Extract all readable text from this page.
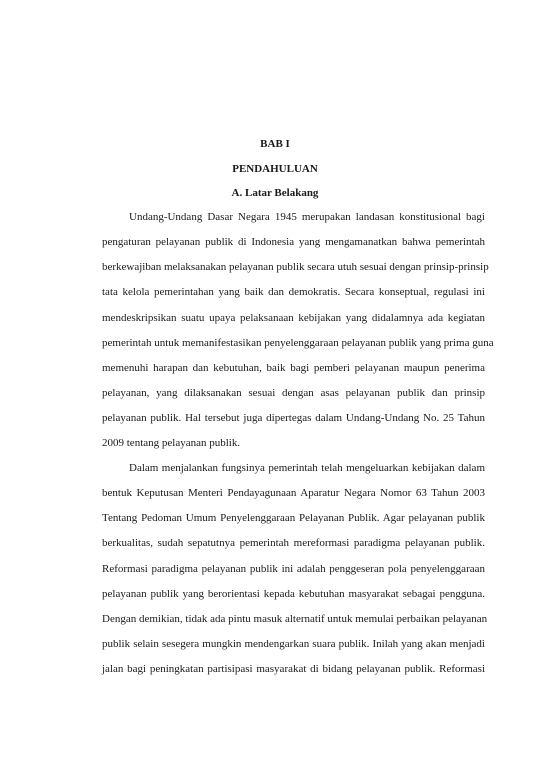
BAB I

PENDAHULUAN

A. Latar Belakang

Undang-Undang Dasar Negara 1945 merupakan landasan konstitusional bagi

pengaturan pelayanan publik di Indonesia yang mengamanatkan bahwa pemerintah

berkewajiban melaksanakan pelayanan publik secara utuh sesuai dengan prinsip-prinsip

tata kelola pemerintahan yang baik dan demokratis. Secara konseptual, regulasi ini

mendeskripsikan suatu upaya pelaksanaan kebijakan yang didalamnya ada kegiatan

pemerintah untuk memanifestasikan penyelenggaraan pelayanan publik yang prima guna

memenuhi harapan dan kebutuhan, baik bagi pemberi pelayanan maupun penerima

pelayanan, yang dilaksanakan sesuai dengan asas pelayanan publik dan prinsip

pelayanan publik. Hal tersebut juga dipertegas dalam Undang-Undang No. 25 Tahun

2009 tentang pelayanan publik.

Dalam menjalankan fungsinya pemerintah telah mengeluarkan kebijakan dalam

bentuk Keputusan Menteri Pendayagunaan Aparatur Negara Nomor 63 Tahun 2003

Tentang Pedoman Umum Penyelenggaraan Pelayanan Publik. Agar pelayanan publik

berkualitas, sudah sepatutnya pemerintah mereformasi paradigma pelayanan publik.

Reformasi paradigma pelayanan publik ini adalah penggeseran pola penyelenggaraan

pelayanan publik yang berorientasi kepada kebutuhan masyarakat sebagai pengguna.

Dengan demikian, tidak ada pintu masuk alternatif untuk memulai perbaikan pelayanan

publik selain sesegera mungkin mendengarkan suara publik. Inilah yang akan menjadi

jalan bagi peningkatan partisipasi masyarakat di bidang pelayanan publik. Reformasi
